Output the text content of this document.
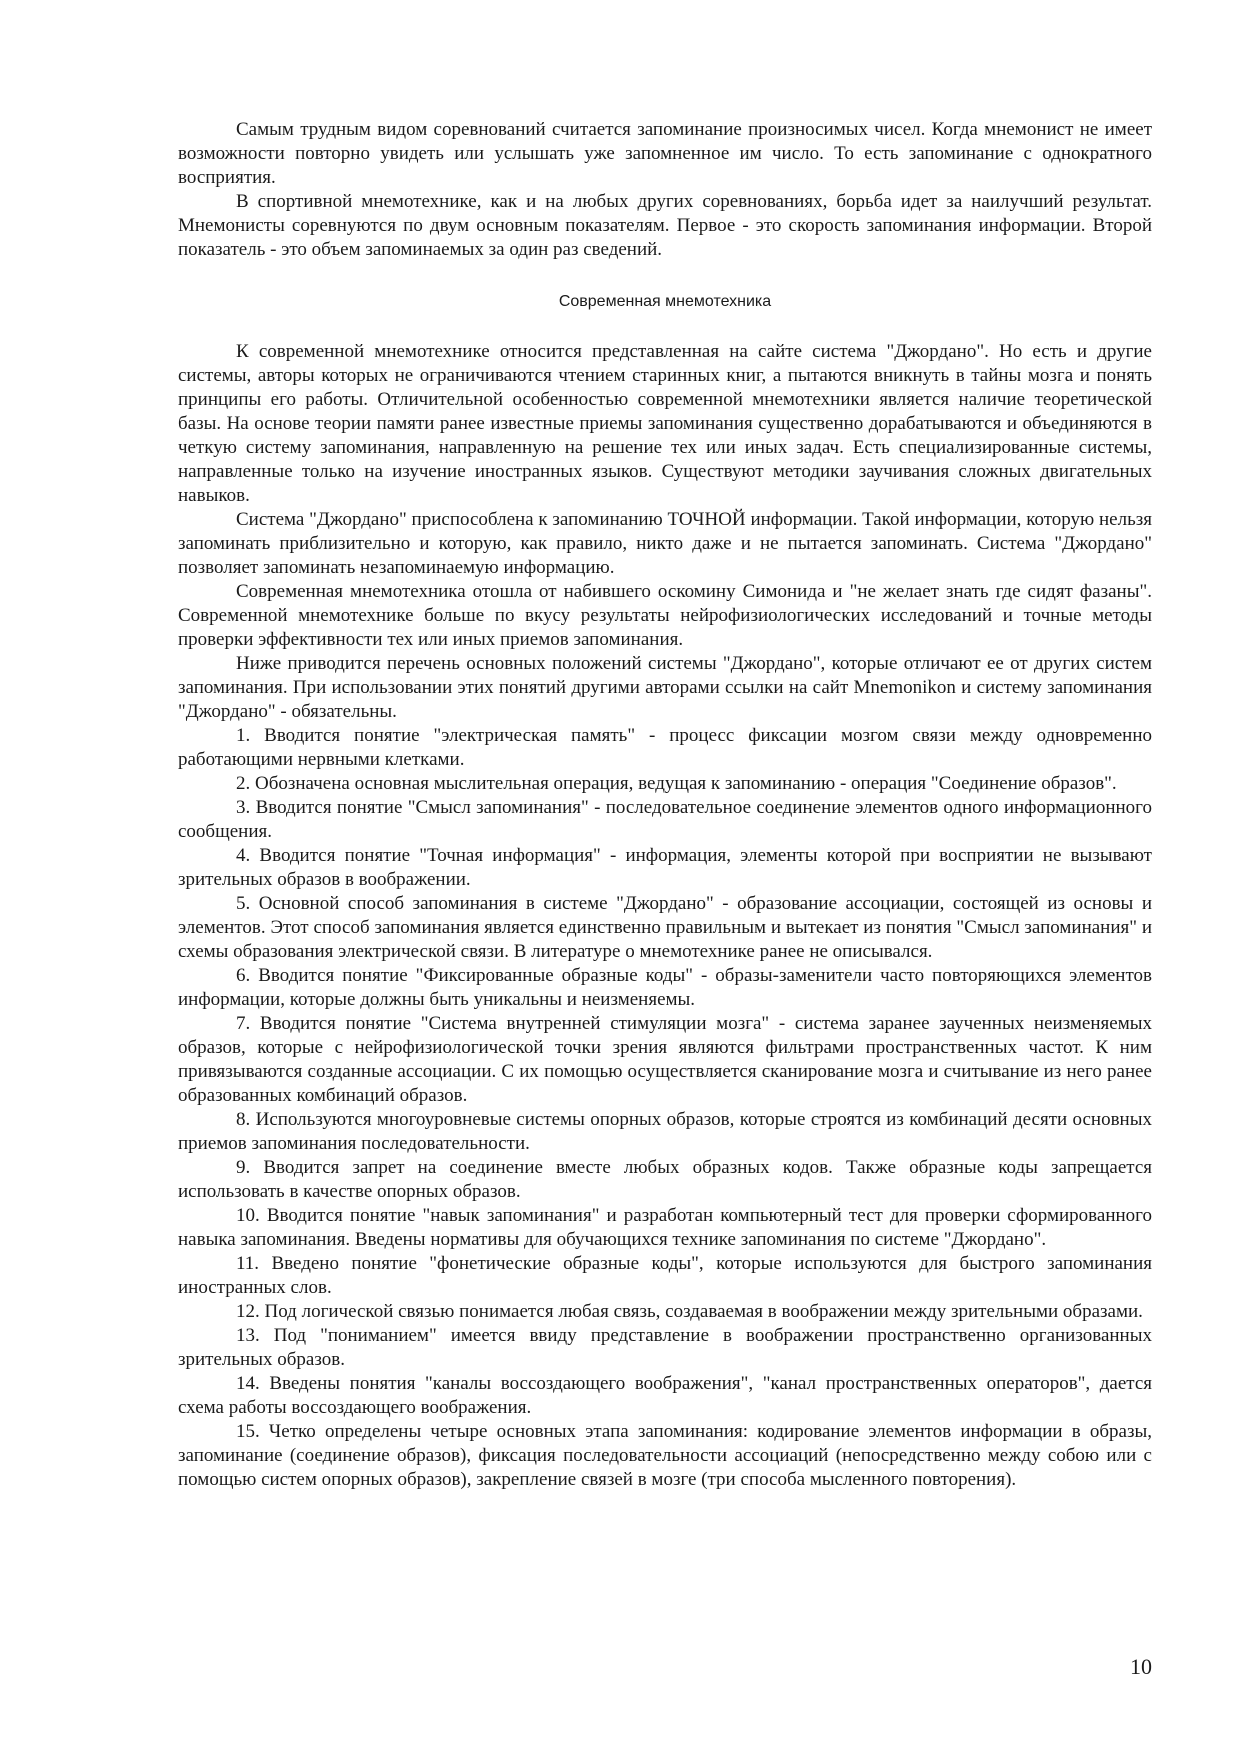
Самым трудным видом соревнований считается запоминание произносимых чисел. Когда мнемонист не имеет возможности повторно увидеть или услышать уже запомненное им число. То есть запоминание с однократного восприятия.

В спортивной мнемотехнике, как и на любых других соревнованиях, борьба идет за наилучший результат. Мнемонисты соревнуются по двум основным показателям. Первое - это скорость запоминания информации. Второй показатель - это объем запоминаемых за один раз сведений.

Современная мнемотехника

К современной мнемотехнике относится представленная на сайте система "Джордано". Но есть и другие системы, авторы которых не ограничиваются чтением старинных книг, а пытаются вникнуть в тайны мозга и понять принципы его работы. Отличительной особенностью современной мнемотехники является наличие теоретической базы. На основе теории памяти ранее известные приемы запоминания существенно дорабатываются и объединяются в четкую систему запоминания, направленную на решение тех или иных задач. Есть специализированные системы, направленные только на изучение иностранных языков. Существуют методики заучивания сложных двигательных навыков.

Система "Джордано" приспособлена к запоминанию ТОЧНОЙ информации. Такой информации, которую нельзя запоминать приблизительно и которую, как правило, никто даже и не пытается запоминать. Система "Джордано" позволяет запоминать незапоминаемую информацию.

Современная мнемотехника отошла от набившего оскомину Симонида и "не желает знать где сидят фазаны". Современной мнемотехнике больше по вкусу результаты нейрофизиологических исследований и точные методы проверки эффективности тех или иных приемов запоминания.

Ниже приводится перечень основных положений системы "Джордано", которые отличают ее от других систем запоминания. При использовании этих понятий другими авторами ссылки на сайт Mnemonikon и систему запоминания "Джордано" - обязательны.

1. Вводится понятие "электрическая память" - процесс фиксации мозгом связи между одновременно работающими нервными клетками.

2. Обозначена основная мыслительная операция, ведущая к запоминанию - операция "Соединение образов".

3. Вводится понятие "Смысл запоминания" - последовательное соединение элементов одного информационного сообщения.

4. Вводится понятие "Точная информация" - информация, элементы которой при восприятии не вызывают зрительных образов в воображении.

5. Основной способ запоминания в системе "Джордано" - образование ассоциации, состоящей из основы и элементов. Этот способ запоминания является единственно правильным и вытекает из понятия "Смысл запоминания" и схемы образования электрической связи. В литературе о мнемотехнике ранее не описывался.

6. Вводится понятие "Фиксированные образные коды" - образы-заменители часто повторяющихся элементов информации, которые должны быть уникальны и неизменяемы.

7. Вводится понятие "Система внутренней стимуляции мозга" - система заранее заученных неизменяемых образов, которые с нейрофизиологической точки зрения являются фильтрами пространственных частот. К ним привязываются созданные ассоциации. С их помощью осуществляется сканирование мозга и считывание из него ранее образованных комбинаций образов.

8. Используются многоуровневые системы опорных образов, которые строятся из комбинаций десяти основных приемов запоминания последовательности.

9. Вводится запрет на соединение вместе любых образных кодов. Также образные коды запрещается использовать в качестве опорных образов.

10. Вводится понятие "навык запоминания" и разработан компьютерный тест для проверки сформированного навыка запоминания. Введены нормативы для обучающихся технике запоминания по системе "Джордано".

11. Введено понятие "фонетические образные коды", которые используются для быстрого запоминания иностранных слов.

12. Под логической связью понимается любая связь, создаваемая в воображении между зрительными образами.

13. Под "пониманием" имеется ввиду представление в воображении пространственно организованных зрительных образов.

14. Введены понятия "каналы воссоздающего воображения", "канал пространственных операторов", дается схема работы воссоздающего воображения.

15. Четко определены четыре основных этапа запоминания: кодирование элементов информации в образы, запоминание (соединение образов), фиксация последовательности ассоциаций (непосредственно между собою или с помощью систем опорных образов), закрепление связей в мозге (три способа мысленного повторения).

10
